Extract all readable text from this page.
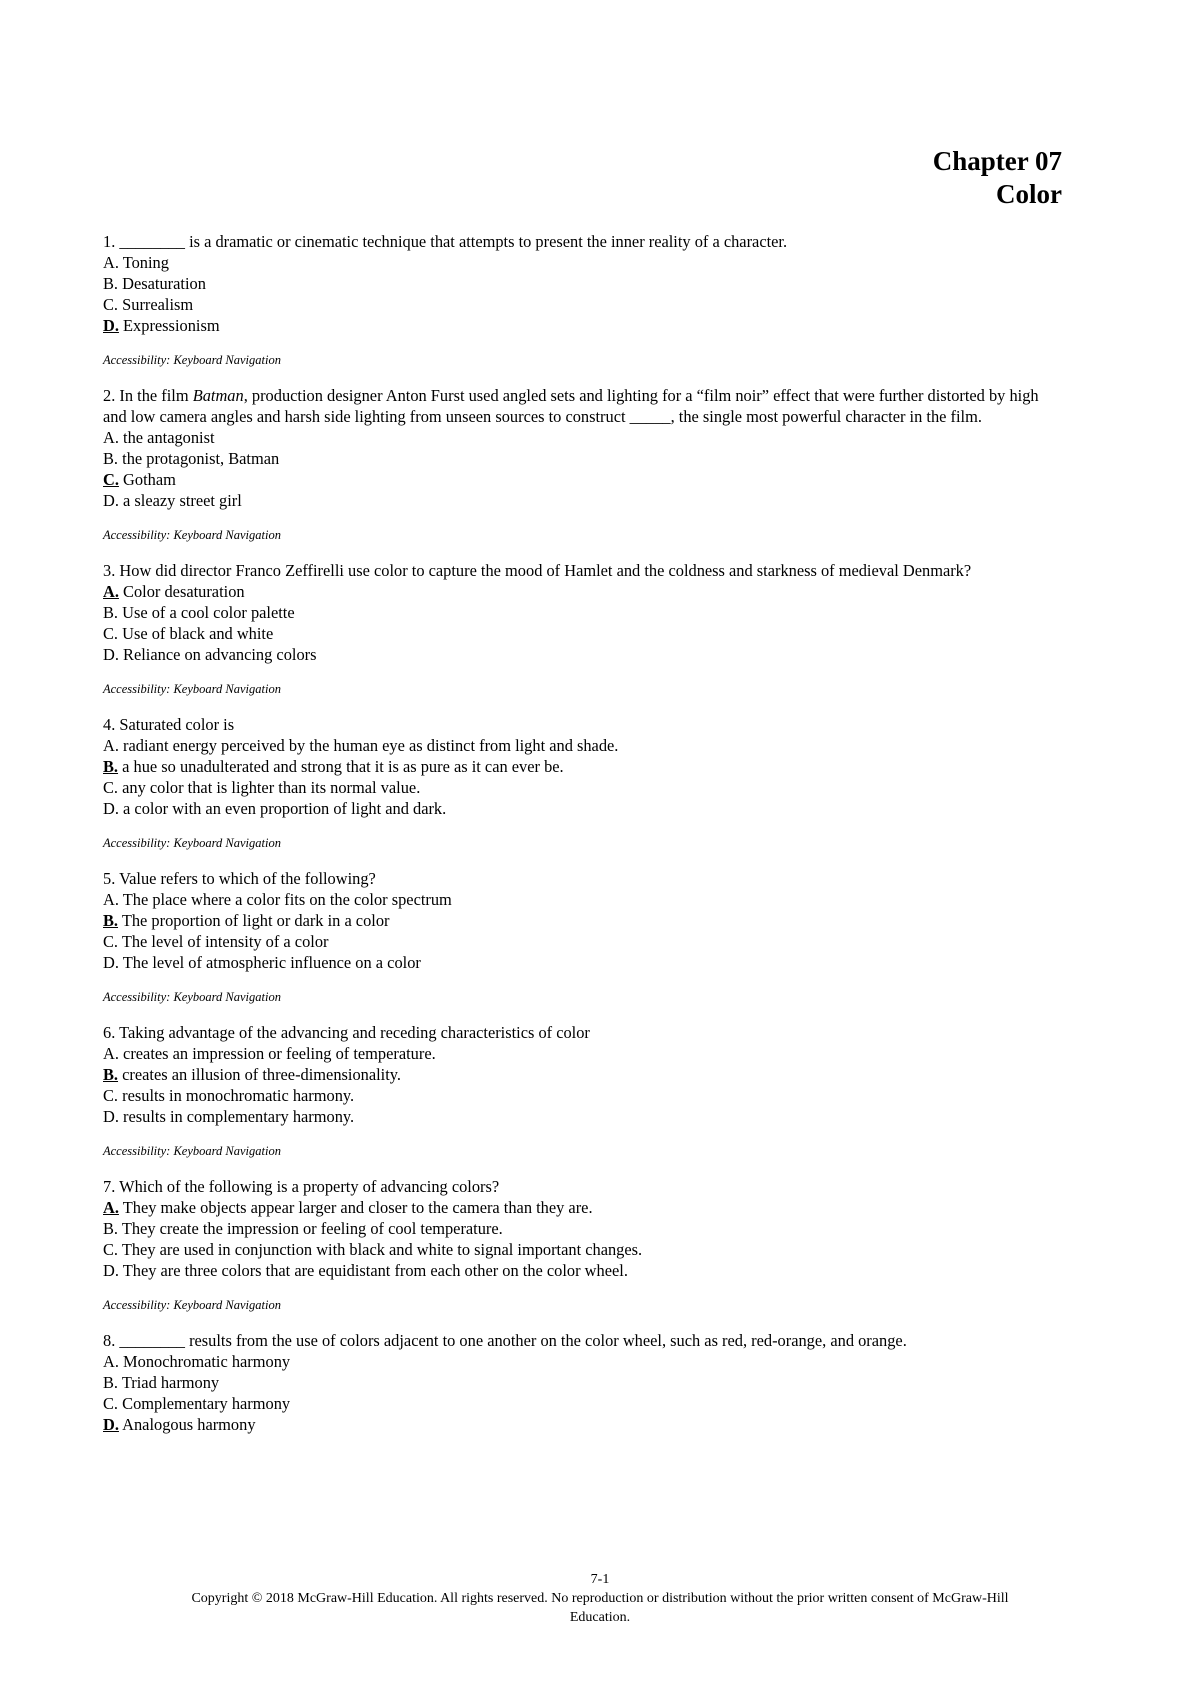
Chapter 07
Color

1. ________ is a dramatic or cinematic technique that attempts to present the inner reality of a character.

A. Toning

B. Desaturation

C. Surrealism

D. Expressionism

Accessibility: Keyboard Navigation

2. In the film Batman, production designer Anton Furst used angled sets and lighting for a “film noir” effect that were further distorted by high and low camera angles and harsh side lighting from unseen sources to construct _____, the single most powerful character in the film.

A. the antagonist

B. the protagonist, Batman

C. Gotham

D. a sleazy street girl

Accessibility: Keyboard Navigation

3. How did director Franco Zeffirelli use color to capture the mood of Hamlet and the coldness and starkness of medieval Denmark?

A. Color desaturation

B. Use of a cool color palette

C. Use of black and white

D. Reliance on advancing colors

Accessibility: Keyboard Navigation

4. Saturated color is

A. radiant energy perceived by the human eye as distinct from light and shade.

B. a hue so unadulterated and strong that it is as pure as it can ever be.

C. any color that is lighter than its normal value.

D. a color with an even proportion of light and dark.

Accessibility: Keyboard Navigation

5. Value refers to which of the following?

A. The place where a color fits on the color spectrum

B. The proportion of light or dark in a color

C. The level of intensity of a color

D. The level of atmospheric influence on a color

Accessibility: Keyboard Navigation

6. Taking advantage of the advancing and receding characteristics of color

A. creates an impression or feeling of temperature.

B. creates an illusion of three-dimensionality.

C. results in monochromatic harmony.

D. results in complementary harmony.

Accessibility: Keyboard Navigation

7. Which of the following is a property of advancing colors?

A. They make objects appear larger and closer to the camera than they are.

B. They create the impression or feeling of cool temperature.

C. They are used in conjunction with black and white to signal important changes.

D. They are three colors that are equidistant from each other on the color wheel.

Accessibility: Keyboard Navigation

8. ________ results from the use of colors adjacent to one another on the color wheel, such as red, red-orange, and orange.

A. Monochromatic harmony

B. Triad harmony

C. Complementary harmony

D. Analogous harmony

7-1
Copyright © 2018 McGraw-Hill Education. All rights reserved. No reproduction or distribution without the prior written consent of McGraw-Hill Education.
